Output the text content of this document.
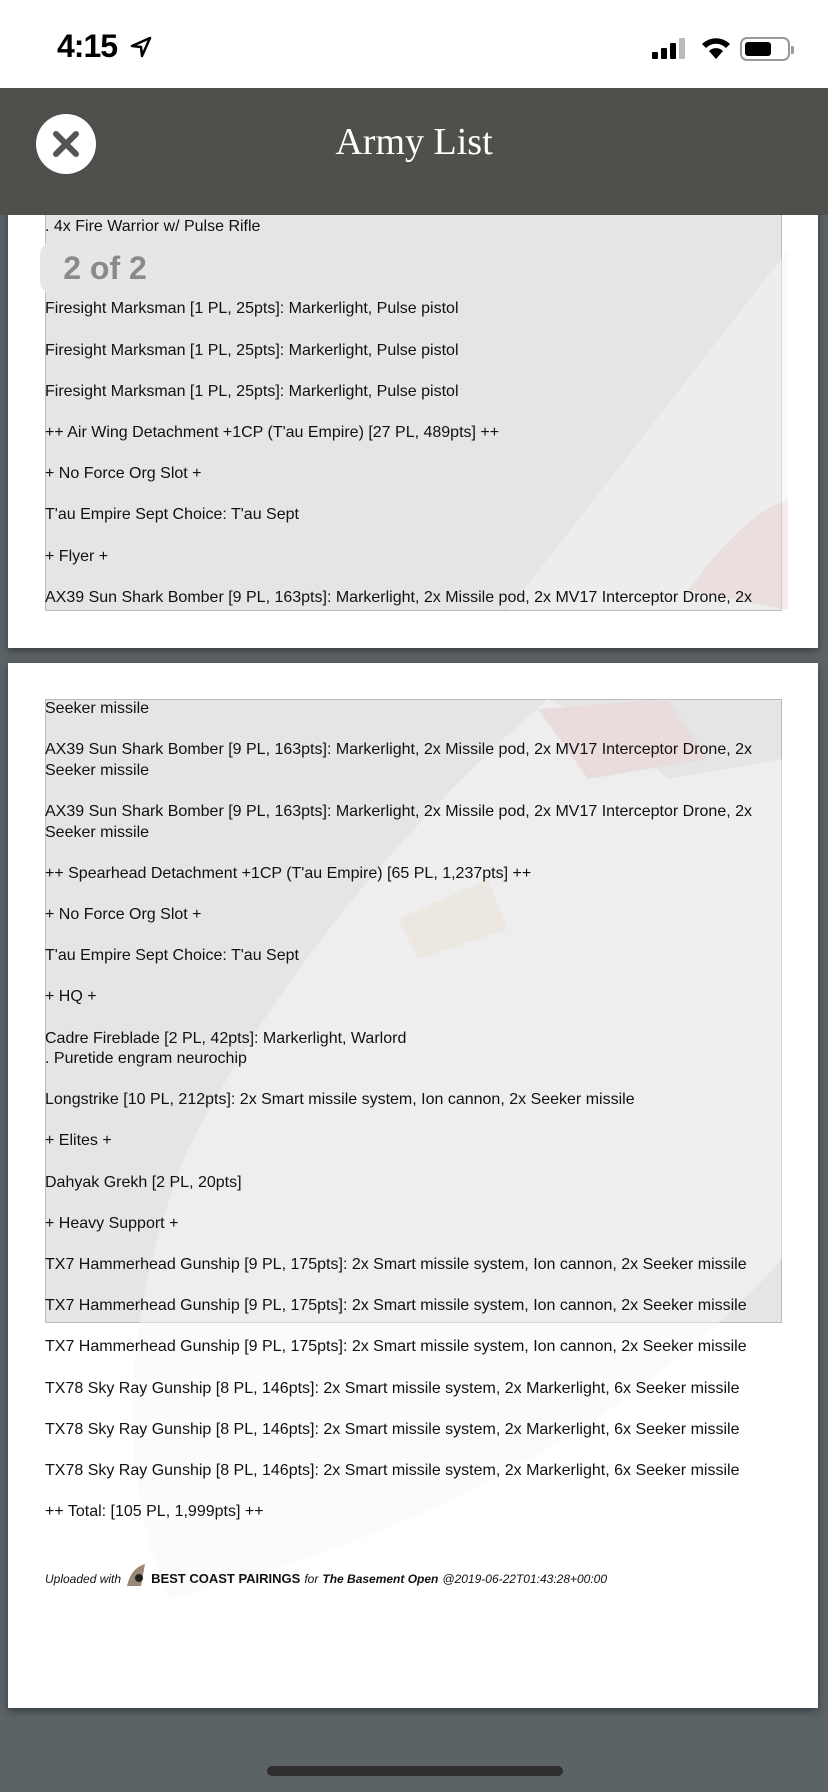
4:15
Army List

. 4x Fire Warrior w/ Pulse Rifle

Firesight Marksman [1 PL, 25pts]: Markerlight, Pulse pistol

Firesight Marksman [1 PL, 25pts]: Markerlight, Pulse pistol

Firesight Marksman [1 PL, 25pts]: Markerlight, Pulse pistol

++ Air Wing Detachment +1CP (T'au Empire) [27 PL, 489pts] ++

+ No Force Org Slot +

T'au Empire Sept Choice: T'au Sept

+ Flyer +

AX39 Sun Shark Bomber [9 PL, 163pts]: Markerlight, 2x Missile pod, 2x MV17 Interceptor Drone, 2x

2 of 2

Seeker missile

AX39 Sun Shark Bomber [9 PL, 163pts]: Markerlight, 2x Missile pod, 2x MV17 Interceptor Drone, 2x Seeker missile

AX39 Sun Shark Bomber [9 PL, 163pts]: Markerlight, 2x Missile pod, 2x MV17 Interceptor Drone, 2x Seeker missile

++ Spearhead Detachment +1CP (T'au Empire) [65 PL, 1,237pts] ++

+ No Force Org Slot +

T'au Empire Sept Choice: T'au Sept

+ HQ +

Cadre Fireblade [2 PL, 42pts]: Markerlight, Warlord

. Puretide engram neurochip

Longstrike [10 PL, 212pts]: 2x Smart missile system, Ion cannon, 2x Seeker missile

+ Elites +

Dahyak Grekh [2 PL, 20pts]

+ Heavy Support +

TX7 Hammerhead Gunship [9 PL, 175pts]: 2x Smart missile system, Ion cannon, 2x Seeker missile

TX7 Hammerhead Gunship [9 PL, 175pts]: 2x Smart missile system, Ion cannon, 2x Seeker missile

TX7 Hammerhead Gunship [9 PL, 175pts]: 2x Smart missile system, Ion cannon, 2x Seeker missile

TX78 Sky Ray Gunship [8 PL, 146pts]: 2x Smart missile system, 2x Markerlight, 6x Seeker missile

TX78 Sky Ray Gunship [8 PL, 146pts]: 2x Smart missile system, 2x Markerlight, 6x Seeker missile

TX78 Sky Ray Gunship [8 PL, 146pts]: 2x Smart missile system, 2x Markerlight, 6x Seeker missile

++ Total: [105 PL, 1,999pts] ++

Uploaded with BEST COAST PAIRINGS for The Basement Open @2019-06-22T01:43:28+00:00
